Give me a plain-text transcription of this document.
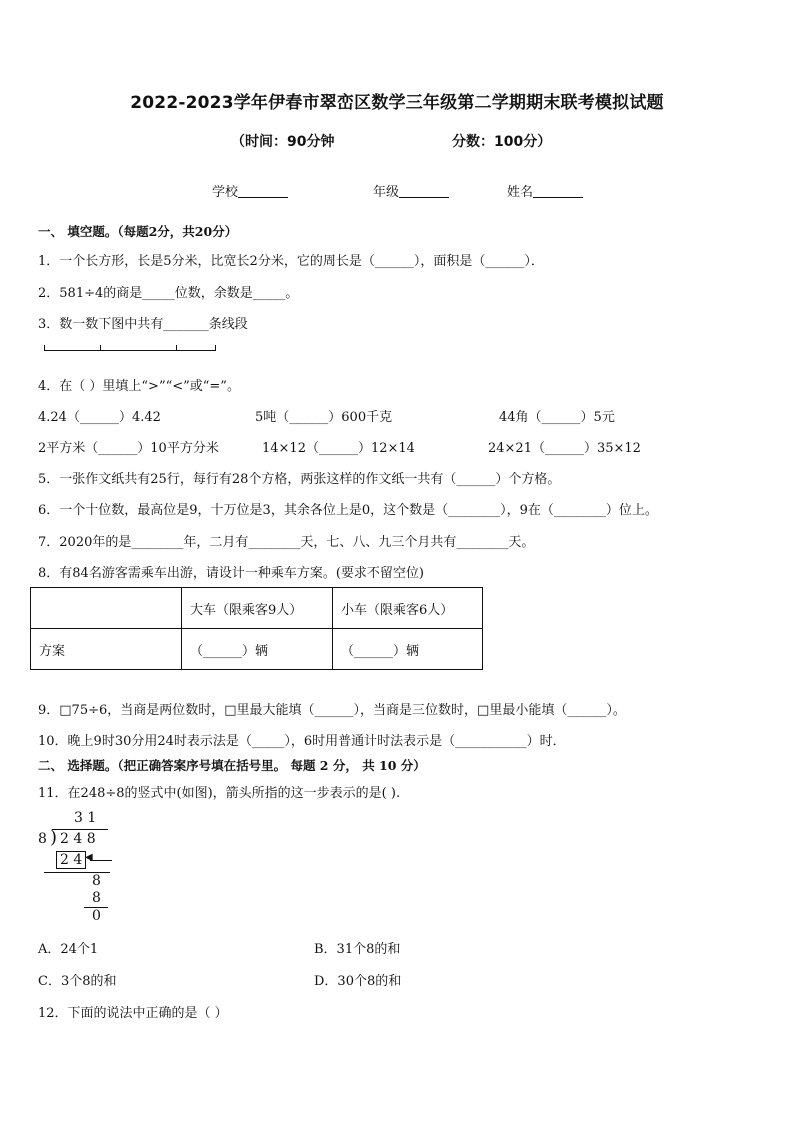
2022-2023学年伊春市翠峦区数学三年级第二学期期末联考模拟试题
（时间：90分钟	分数：100分）
学校	年级	姓名
一、 填空题。（每题2分，共20分）
1．一个长方形，长是5分米，比宽长2分米，它的周长是（______），面积是（______）．
2．581÷4的商是_____位数，余数是_____。
3．数一数下图中共有_______条线段
4．在（ ）里填上“>”“<”或“=”。
4.24（______）4.42	5吨（______）600千克	44角（______）5元
2平方米（______）10平方分米	14×12（______）12×14	24×21（______）35×12
5．一张作文纸共有25行，每行有28个方格，两张这样的作文纸一共有（______）个方格。
6．一个十位数，最高位是9，十万位是3，其余各位上是0，这个数是（________），9在（________）位上。
7．2020年的是________年，二月有________天，七、八、九三个月共有________天。
8．有84名游客需乘车出游，请设计一种乘车方案。(要求不留空位)
	大车（限乘客9人）	小车（限乘客6人）
方案	（______）辆	（______）辆
9．□75÷6，当商是两位数时，□里最大能填（______），当商是三位数时，□里最小能填（______）。
10．晚上9时30分用24时表示法是（_____），6时用普通计时法表示是（___________）时．
二、 选择题。（把正确答案序号填在括号里。 每题 2 分， 共 10 分）
11．在248÷8的竖式中(如图)，箭头所指的这一步表示的是( ).
3 1
8 ) 2 4 8
2 4 ◀
8
8
0
A．24个1	B．31个8的和
C．3个8的和	D．30个8的和
12．下面的说法中正确的是（ ）
